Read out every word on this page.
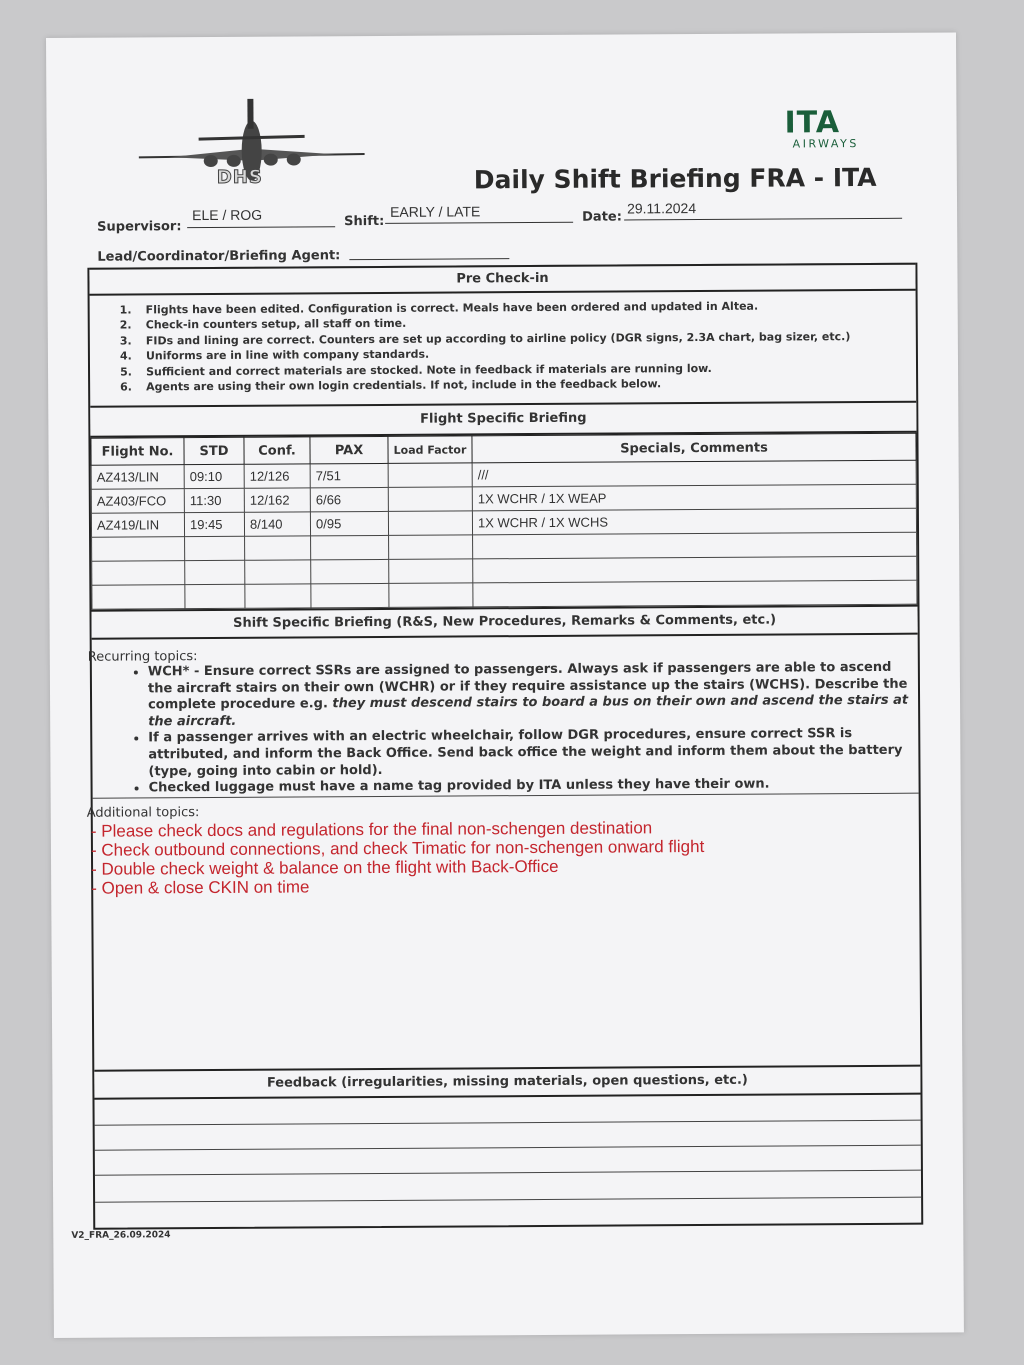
DHS
ITA
AIRWAYS
Daily Shift Briefing FRA - ITA
Supervisor:
ELE / ROG	Shift:
EARLY / LATE	Date:
29.11.2024
Lead/Coordinator/Briefing Agent:
Pre Check-in
1. Flights have been edited. Configuration is correct. Meals have been ordered and updated in Altea.
2. Check-in counters setup, all staff on time.
3. FIDs and lining are correct. Counters are set up according to airline policy (DGR signs, 2.3A chart, bag sizer, etc.)
4. Uniforms are in line with company standards.
5. Sufficient and correct materials are stocked. Note in feedback if materials are running low.
6. Agents are using their own login credentials. If not, include in the feedback below.
Flight Specific Briefing
Flight No.	STD	Conf.	PAX	Load Factor	Specials, Comments
AZ413/LIN	09:10	12/126	7/51		///
AZ403/FCO	11:30	12/162	6/66		1X WCHR / 1X WEAP
AZ419/LIN	19:45	8/140	0/95		1X WCHR / 1X WCHS

Shift Specific Briefing (R&S, New Procedures, Remarks & Comments, etc.)
Recurring topics:
• WCH* - Ensure correct SSRs are assigned to passengers. Always ask if passengers are able to ascend the aircraft stairs on their own (WCHR) or if they require assistance up the stairs (WCHS). Describe the complete procedure e.g. they must descend stairs to board a bus on their own and ascend the stairs at the aircraft.
• If a passenger arrives with an electric wheelchair, follow DGR procedures, ensure correct SSR is attributed, and inform the Back Office. Send back office the weight and inform them about the battery (type, going into cabin or hold).
• Checked luggage must have a name tag provided by ITA unless they have their own.
Additional topics:
- Please check docs and regulations for the final non-schengen destination
- Check outbound connections, and check Timatic for non-schengen onward flight
- Double check weight & balance on the flight with Back-Office
- Open & close CKIN on time
Feedback (irregularities, missing materials, open questions, etc.)
V2_FRA_26.09.2024
